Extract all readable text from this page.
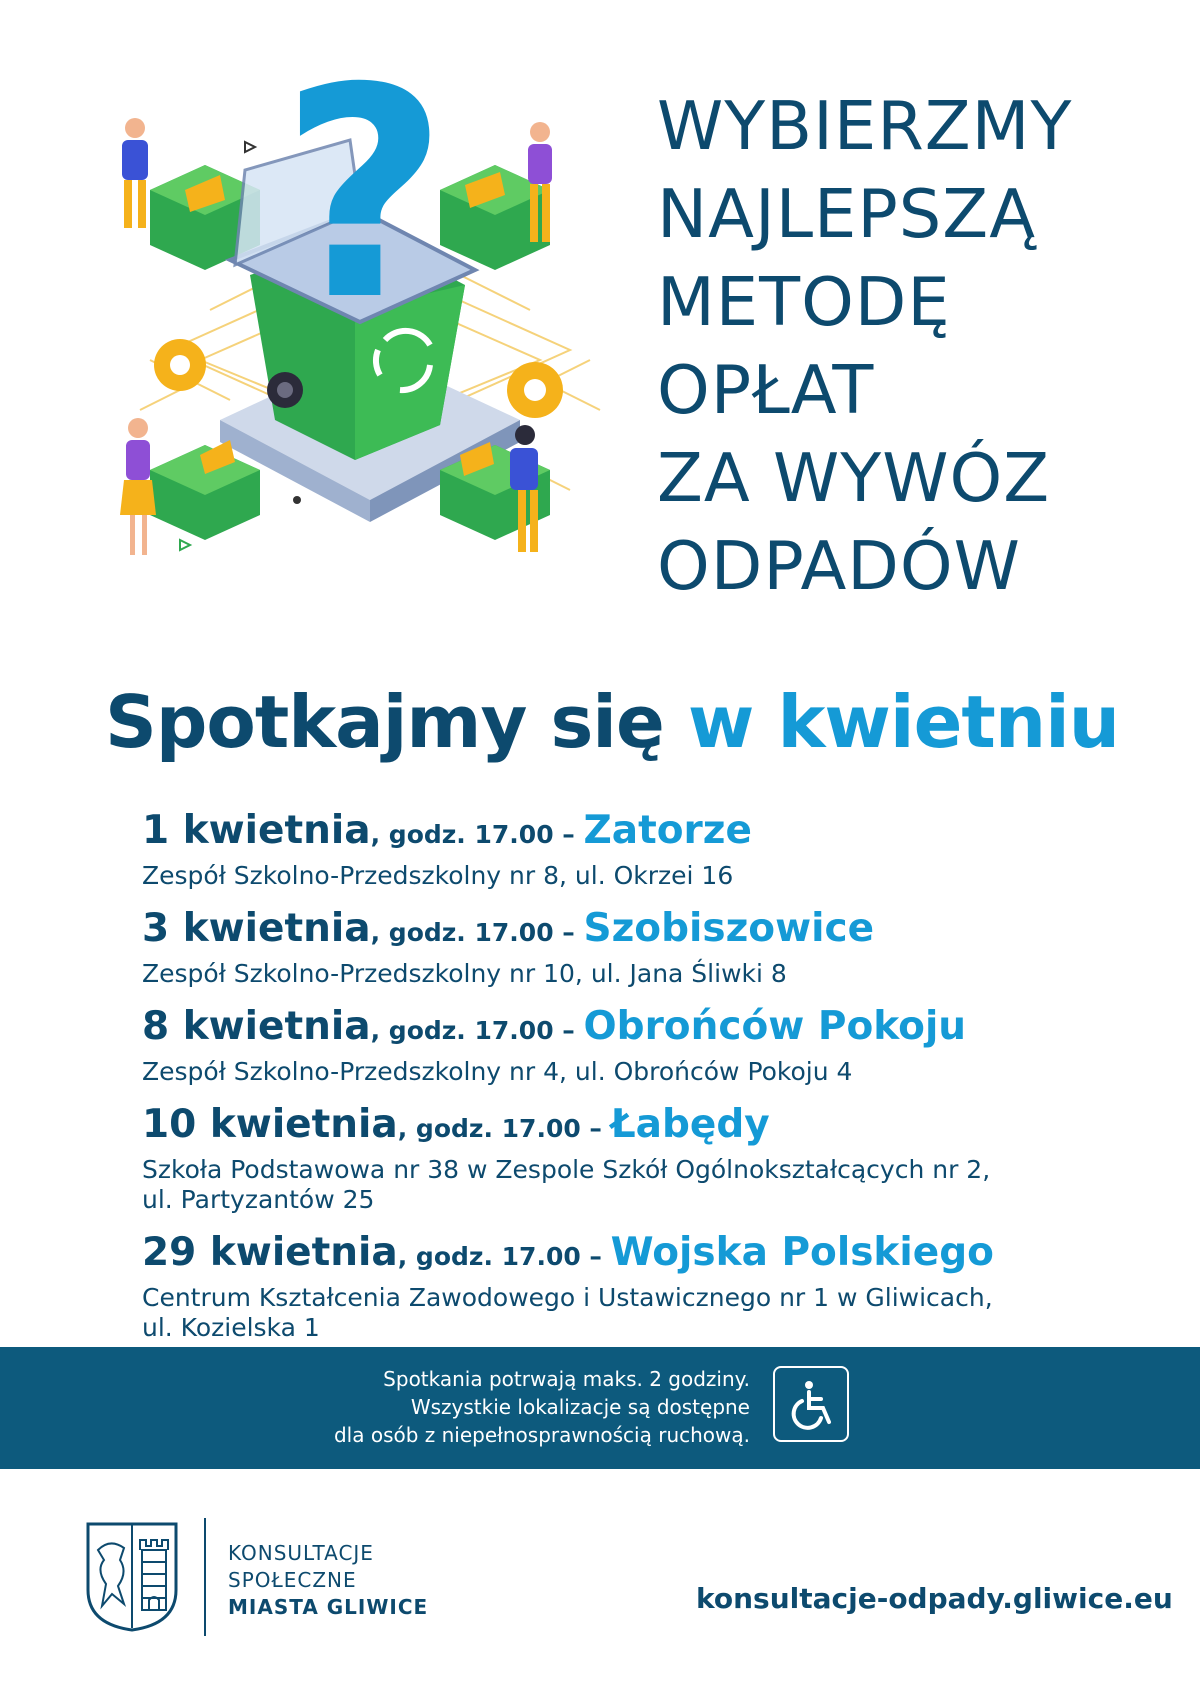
?	WYBIERZMY
NAJLEPSZĄ
METODĘ
OPŁAT
ZA WYWÓZ
ODPADÓW
Spotkajmy się w kwietniu
1 kwietnia, godz. 17.00 – Zatorze
Zespół Szkolno-Przedszkolny nr 8, ul. Okrzei 16
3 kwietnia, godz. 17.00 – Szobiszowice
Zespół Szkolno-Przedszkolny nr 10, ul. Jana Śliwki 8
8 kwietnia, godz. 17.00 – Obrońców Pokoju
Zespół Szkolno-Przedszkolny nr 4, ul. Obrońców Pokoju 4
10 kwietnia, godz. 17.00 – Łabędy
Szkoła Podstawowa nr 38 w Zespole Szkół Ogólnokształcących nr 2,
ul. Partyzantów 25
29 kwietnia, godz. 17.00 – Wojska Polskiego
Centrum Kształcenia Zawodowego i Ustawicznego nr 1 w Gliwicach,
ul. Kozielska 1
Spotkania potrwają maks. 2 godziny.
Wszystkie lokalizacje są dostępne
dla osób z niepełnosprawnością ruchową.
KONSULTACJE
SPOŁECZNE
MIASTA GLIWICE	konsultacje-odpady.gliwice.eu
